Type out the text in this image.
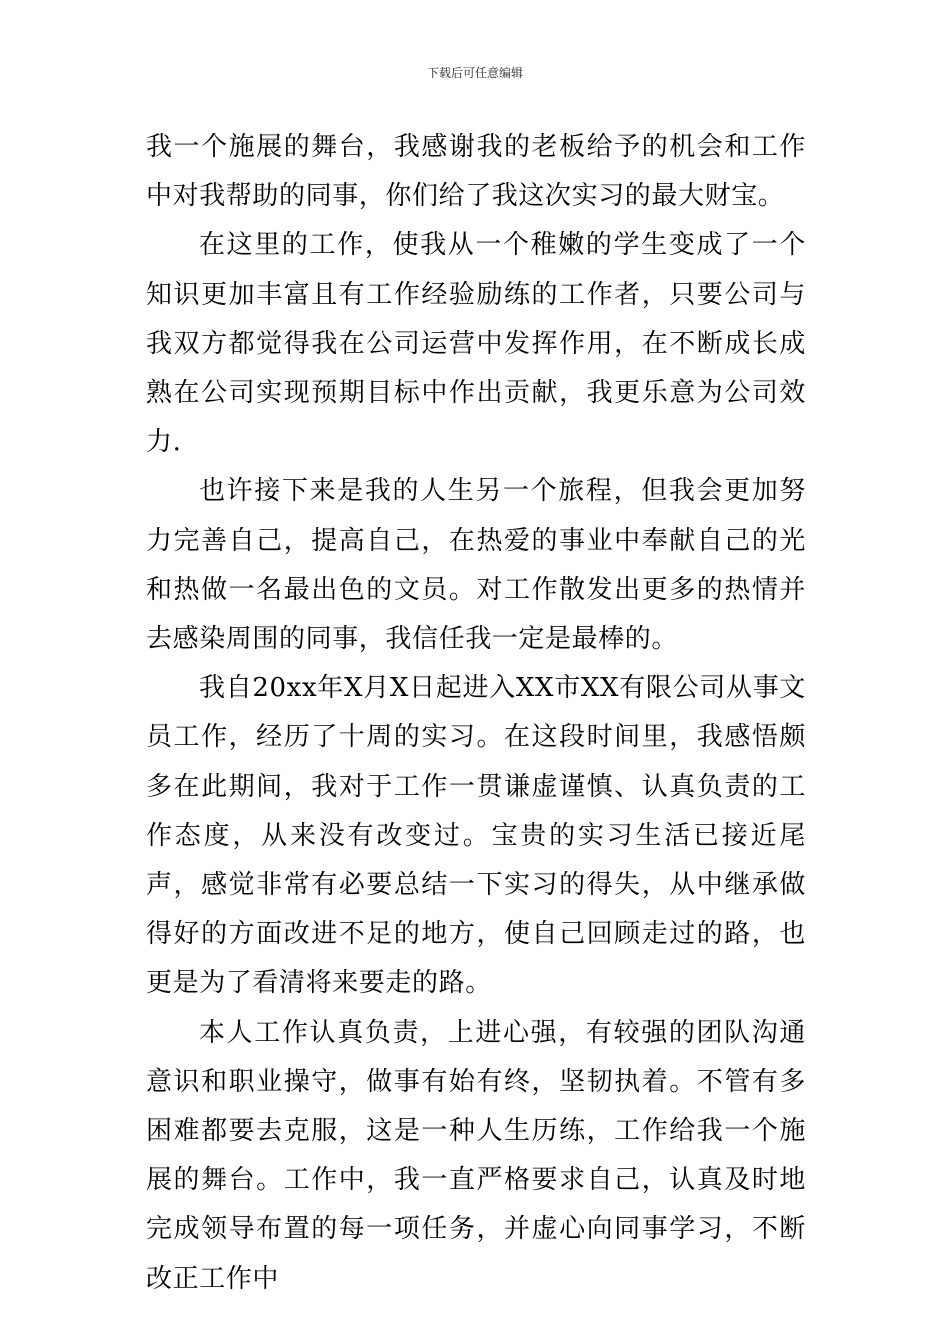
下载后可任意编辑

我一个施展的舞台，我感谢我的老板给予的机会和工作中对我帮助的同事，你们给了我这次实习的最大财宝。

在这里的工作，使我从一个稚嫩的学生变成了一个知识更加丰富且有工作经验励练的工作者，只要公司与我双方都觉得我在公司运营中发挥作用，在不断成长成熟在公司实现预期目标中作出贡献，我更乐意为公司效力.

也许接下来是我的人生另一个旅程，但我会更加努力完善自己，提高自己，在热爱的事业中奉献自己的光和热做一名最出色的文员。对工作散发出更多的热情并去感染周围的同事，我信任我一定是最棒的。

我自20xx年X月X日起进入XX市XX有限公司从事文员工作，经历了十周的实习。在这段时间里，我感悟颇多在此期间，我对于工作一贯谦虚谨慎、认真负责的工作态度，从来没有改变过。宝贵的实习生活已接近尾声，感觉非常有必要总结一下实习的得失，从中继承做得好的方面改进不足的地方，使自己回顾走过的路，也更是为了看清将来要走的路。

本人工作认真负责，上进心强，有较强的团队沟通意识和职业操守，做事有始有终，坚韧执着。不管有多困难都要去克服，这是一种人生历练，工作给我一个施展的舞台。工作中，我一直严格要求自己，认真及时地完成领导布置的每一项任务，并虚心向同事学习，不断改正工作中
